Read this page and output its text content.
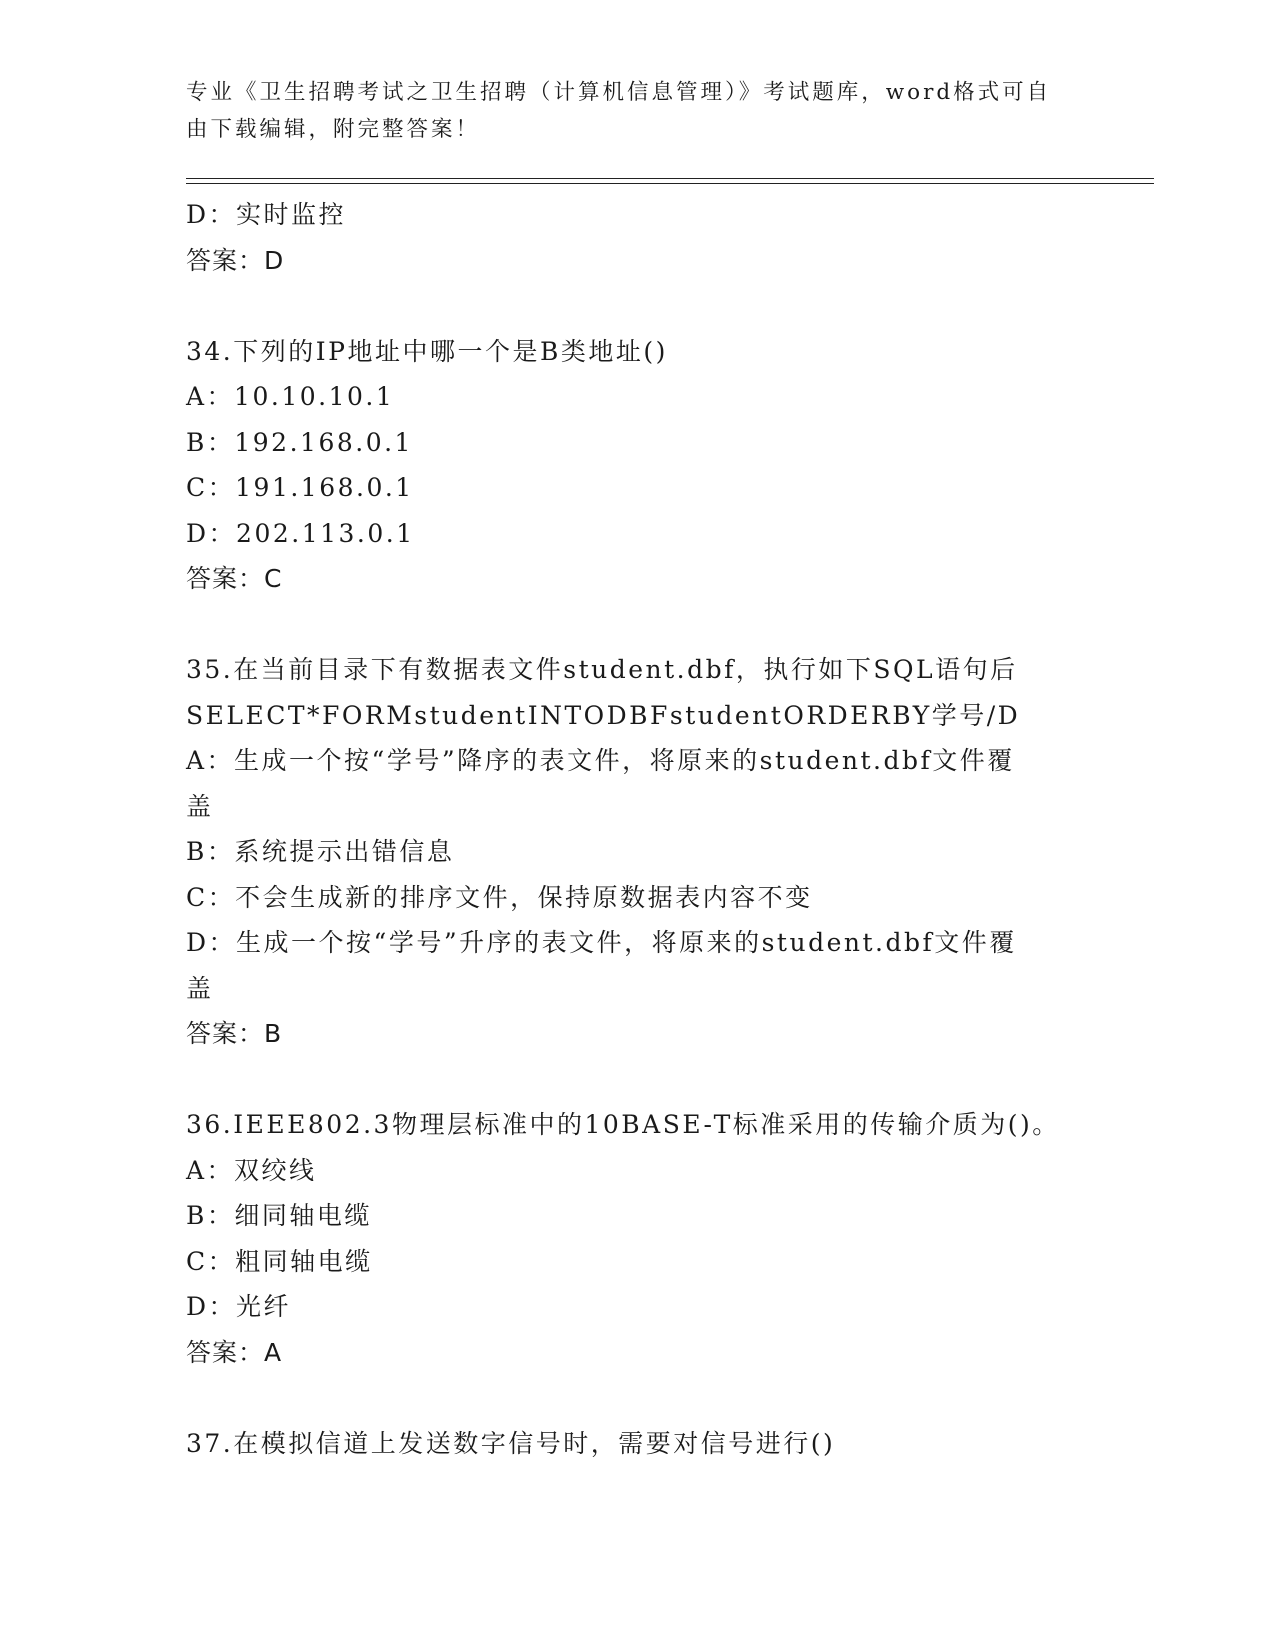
专业《卫生招聘考试之卫生招聘（计算机信息管理）》考试题库，word格式可自
由下载编辑，附完整答案！
D：实时监控
答案：D
34.下列的IP地址中哪一个是B类地址()
A：10.10.10.1
B：192.168.0.1
C：191.168.0.1
D：202.113.0.1
答案：C
35.在当前目录下有数据表文件student.dbf，执行如下SQL语句后
SELECT*FORMstudentINTODBFstudentORDERBY学号/D
A：生成一个按“学号”降序的表文件，将原来的student.dbf文件覆
盖
B：系统提示出错信息
C：不会生成新的排序文件，保持原数据表内容不变
D：生成一个按“学号”升序的表文件，将原来的student.dbf文件覆
盖
答案：B
36.IEEE802.3物理层标准中的10BASE-T标准采用的传输介质为()。
A：双绞线
B：细同轴电缆
C：粗同轴电缆
D：光纤
答案：A
37.在模拟信道上发送数字信号时，需要对信号进行()
